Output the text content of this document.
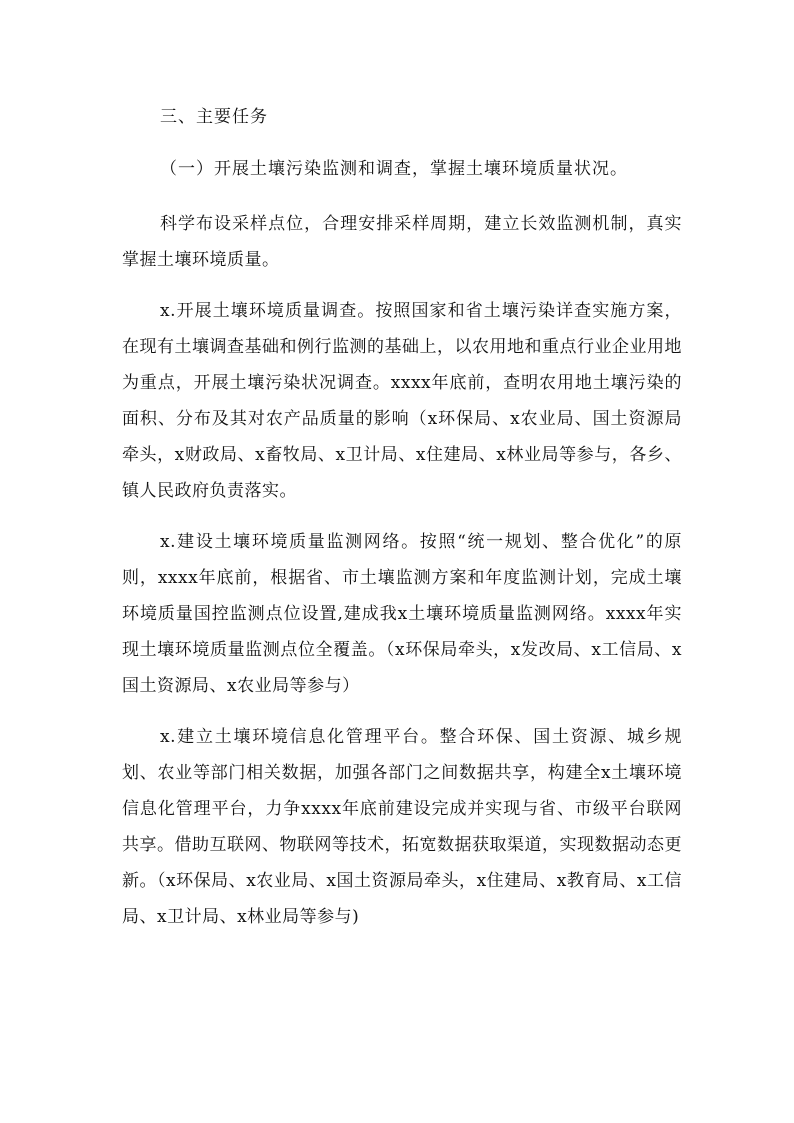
三、主要任务
（一）开展土壤污染监测和调查，掌握土壤环境质量状况。

科学布设采样点位，合理安排采样周期，建立长效监测机制，真实掌握土壤环境质量。

x.开展土壤环境质量调查。按照国家和省土壤污染详查实施方案，在现有土壤调查基础和例行监测的基础上，以农用地和重点行业企业用地为重点，开展土壤污染状况调查。xxxx年底前，查明农用地土壤污染的面积、分布及其对农产品质量的影响（x环保局、x农业局、国土资源局牵头，x财政局、x畜牧局、x卫计局、x住建局、x林业局等参与，各乡、镇人民政府负责落实。

x.建设土壤环境质量监测网络。按照“统一规划、整合优化”的原则，xxxx年底前，根据省、市土壤监测方案和年度监测计划，完成土壤环境质量国控监测点位设置,建成我x土壤环境质量监测网络。xxxx年实现土壤环境质量监测点位全覆盖。（x环保局牵头，x发改局、x工信局、x国土资源局、x农业局等参与）

x.建立土壤环境信息化管理平台。整合环保、国土资源、城乡规划、农业等部门相关数据，加强各部门之间数据共享，构建全x土壤环境信息化管理平台，力争xxxx年底前建设完成并实现与省、市级平台联网共享。借助互联网、物联网等技术，拓宽数据获取渠道，实现数据动态更新。（x环保局、x农业局、x国土资源局牵头，x住建局、x教育局、x工信局、x卫计局、x林业局等参与)
